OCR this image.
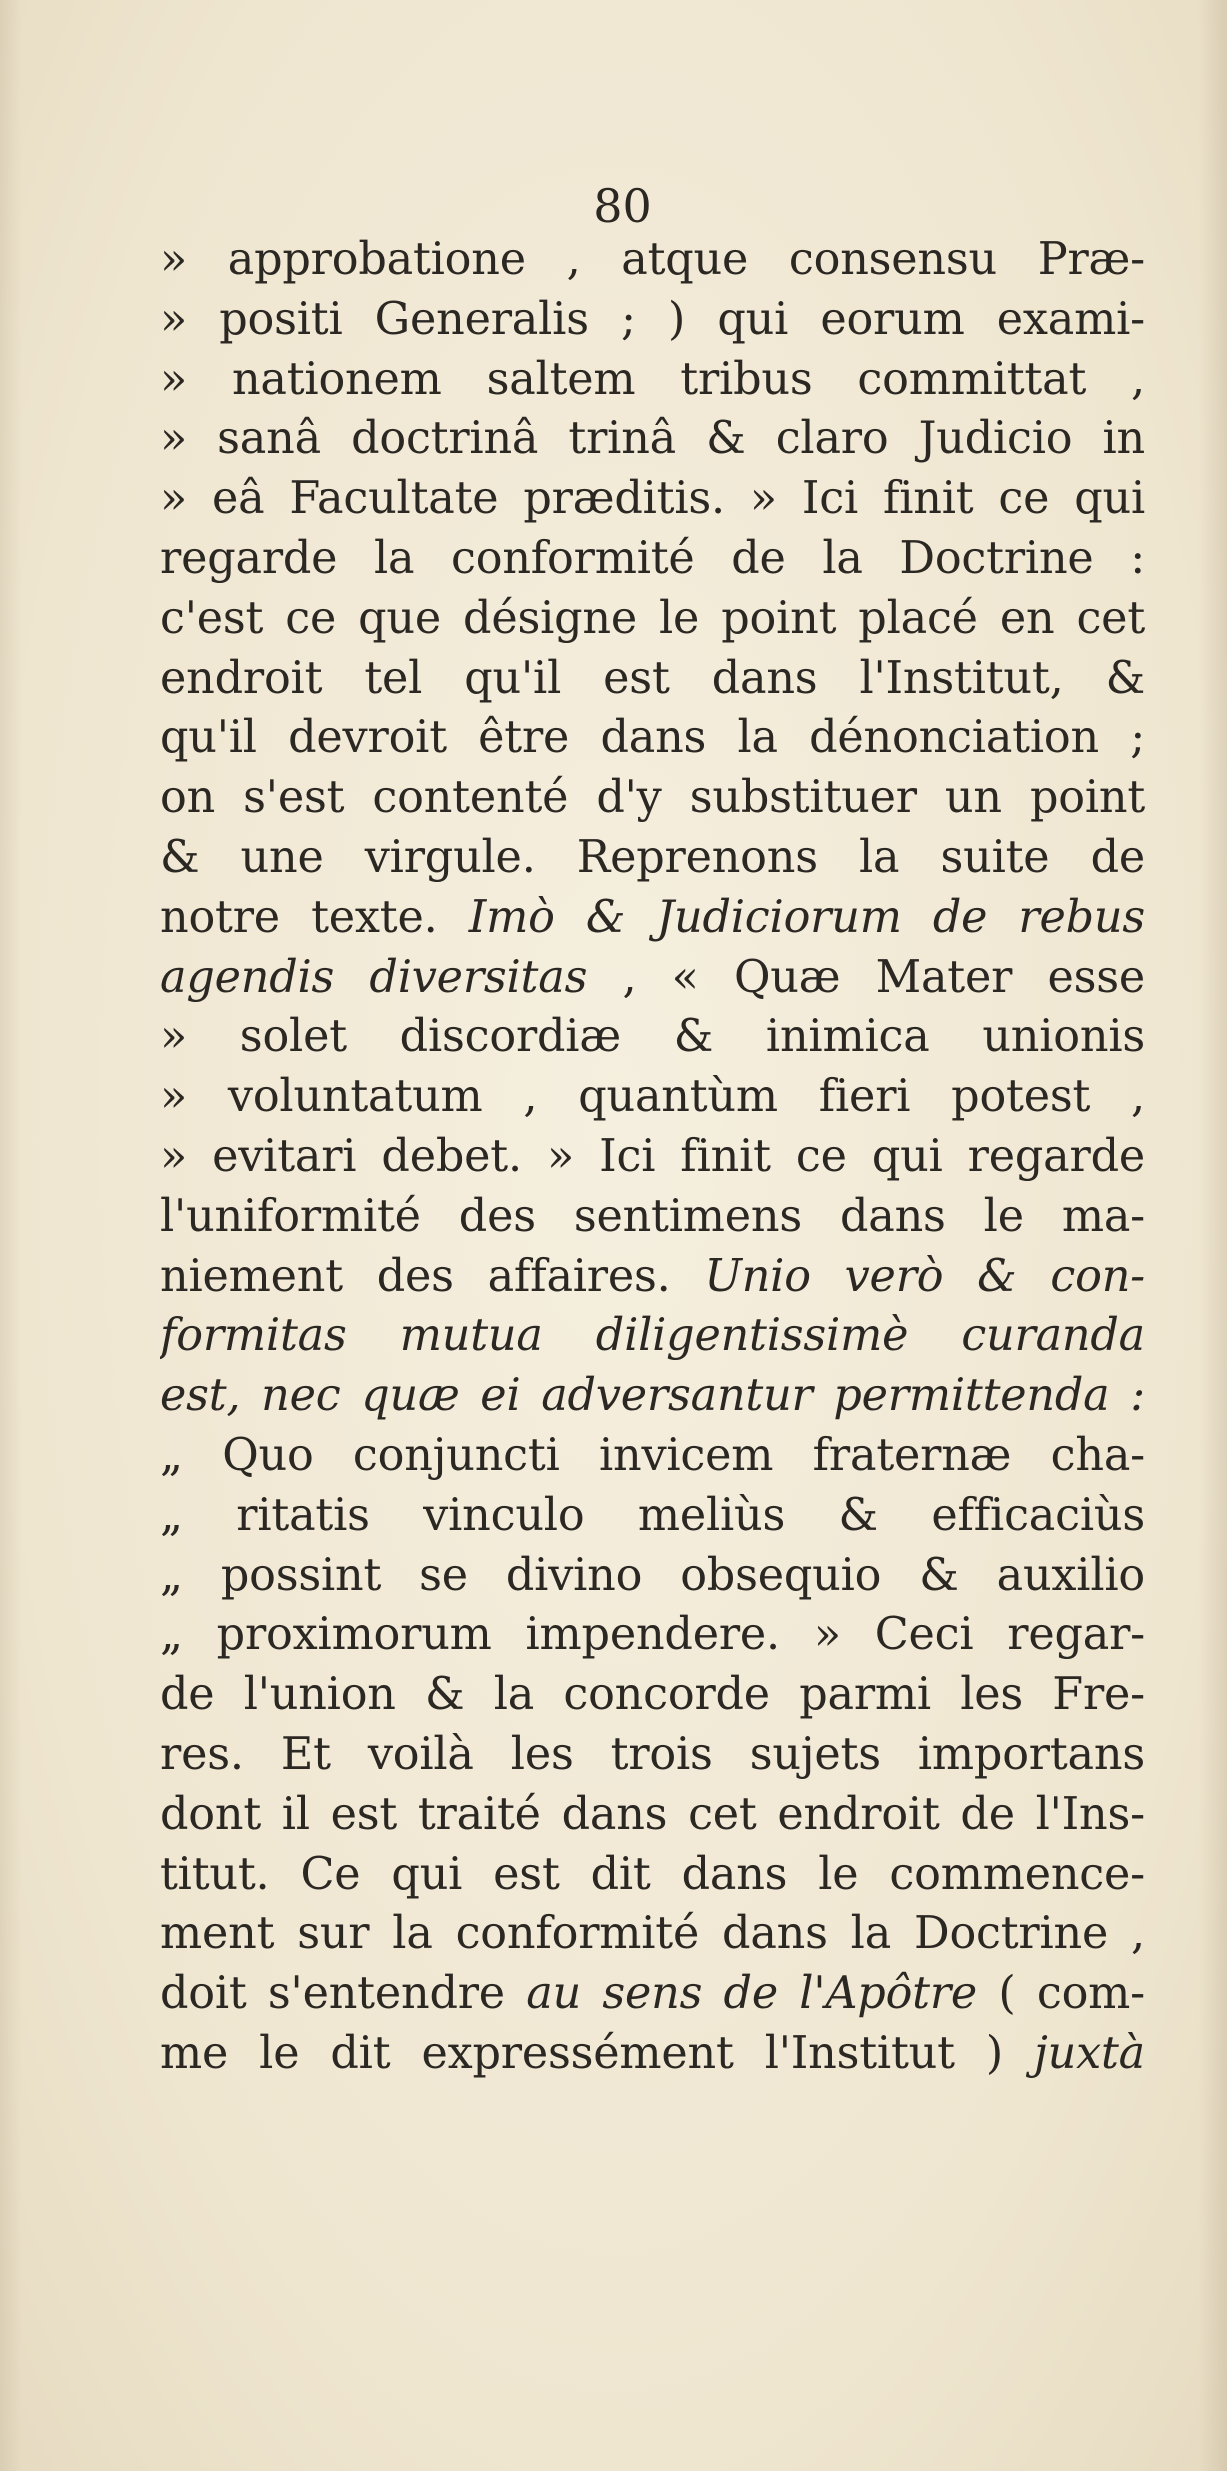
80
» approbatione , atque consensu Præ-
» positi Generalis ; ) qui eorum exami-
» nationem saltem tribus committat ,
» sanâ doctrinâ trinâ & claro Judicio in
» eâ Facultate præditis. » Ici finit ce qui
regarde la conformité de la Doctrine :
c'est ce que désigne le point placé en cet
endroit tel qu'il est dans l'Institut, &
qu'il devroit être dans la dénonciation ;
on s'est contenté d'y substituer un point
& une virgule. Reprenons la suite de
notre texte. Imò & Judiciorum de rebus
agendis diversitas , « Quæ Mater esse
» solet discordiæ & inimica unionis
» voluntatum , quantùm fieri potest ,
» evitari debet. » Ici finit ce qui regarde
l'uniformité des sentimens dans le ma-
niement des affaires. Unio verò & con-
formitas mutua diligentissimè curanda
est, nec quæ ei adversantur permittenda :
„ Quo conjuncti invicem fraternæ cha-
„ ritatis vinculo meliùs & efficaciùs
„ possint se divino obsequio & auxilio
„ proximorum impendere. » Ceci regar-
de l'union & la concorde parmi les Fre-
res. Et voilà les trois sujets importans
dont il est traité dans cet endroit de l'Ins-
titut. Ce qui est dit dans le commence-
ment sur la conformité dans la Doctrine ,
doit s'entendre au sens de l'Apôtre ( com-
me le dit expressément l'Institut ) juxtà
